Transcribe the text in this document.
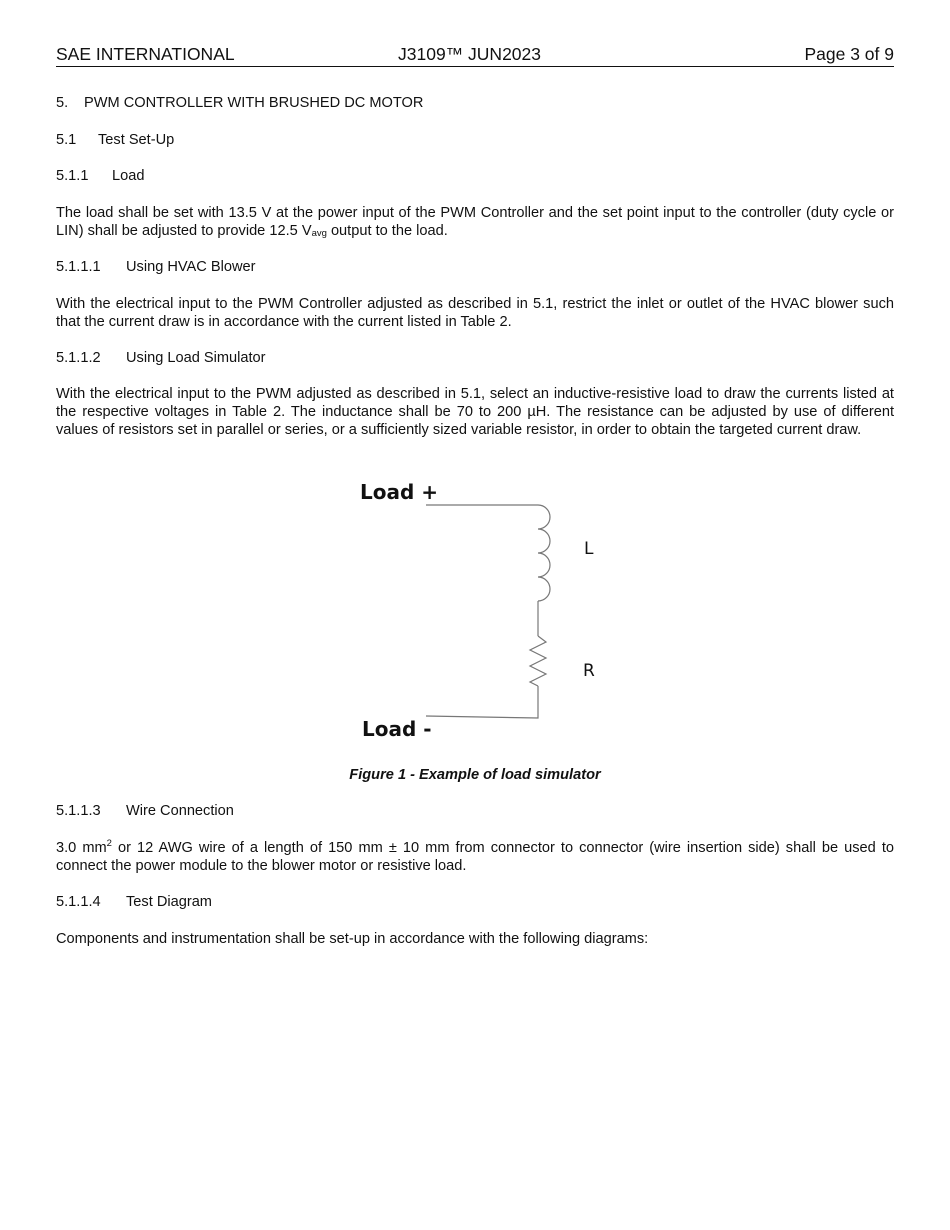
SAE INTERNATIONAL	J3109™ JUN2023	Page 3 of 9
5. PWM CONTROLLER WITH BRUSHED DC MOTOR
5.1 Test Set-Up
5.1.1 Load
The load shall be set with 13.5 V at the power input of the PWM Controller and the set point input to the controller (duty cycle or LIN) shall be adjusted to provide 12.5 Vavg output to the load.
5.1.1.1 Using HVAC Blower
With the electrical input to the PWM Controller adjusted as described in 5.1, restrict the inlet or outlet of the HVAC blower such that the current draw is in accordance with the current listed in Table 2.
5.1.1.2 Using Load Simulator
With the electrical input to the PWM adjusted as described in 5.1, select an inductive-resistive load to draw the currents listed at the respective voltages in Table 2. The inductance shall be 70 to 200 µH. The resistance can be adjusted by use of different values of resistors set in parallel or series, or a sufficiently sized variable resistor, in order to obtain the targeted current draw.
Load +
Load -
L
R
Figure 1 - Example of load simulator
5.1.1.3 Wire Connection
3.0 $mm^2$ or 12 AWG wire of a length of 150 mm ± 10 mm from connector to connector (wire insertion side) shall be used to connect the power module to the blower motor or resistive load.
5.1.1.4 Test Diagram
Components and instrumentation shall be set-up in accordance with the following diagrams:
